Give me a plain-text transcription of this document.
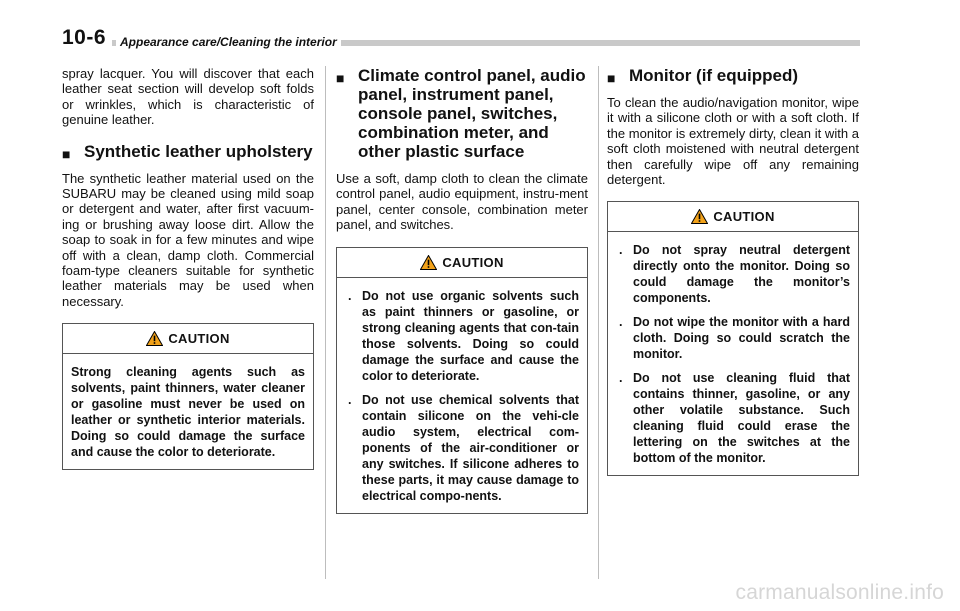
10-6	Appearance care/Cleaning the interior

spray lacquer. You will discover that each leather seat section will develop soft folds or wrinkles, which is characteristic of genuine leather.

■ Synthetic leather upholstery

The synthetic leather material used on the SUBARU may be cleaned using mild soap or detergent and water, after first vacuum-ing or brushing away loose dirt. Allow the soap to soak in for a few minutes and wipe off with a clean, damp cloth. Commercial foam-type cleaners suitable for synthetic leather materials may be used when necessary.

CAUTION
Strong cleaning agents such as solvents, paint thinners, water cleaner or gasoline must never be used on leather or synthetic interior materials. Doing so could damage the surface and cause the color to deteriorate.
■ Climate control panel, audio panel, instrument panel, console panel, switches, combination meter, and other plastic surface

Use a soft, damp cloth to clean the climate control panel, audio equipment, instru-ment panel, center console, combination meter panel, and switches.

CAUTION
. Do not use organic solvents such as paint thinners or gasoline, or strong cleaning agents that con-tain those solvents. Doing so could damage the surface and cause the color to deteriorate.
. Do not use chemical solvents that contain silicone on the vehi-cle audio system, electrical com-ponents of the air-conditioner or any switches. If silicone adheres to these parts, it may cause damage to electrical compo-nents.
■ Monitor (if equipped)

To clean the audio/navigation monitor, wipe it with a silicone cloth or with a soft cloth. If the monitor is extremely dirty, clean it with a soft cloth moistened with neutral detergent then carefully wipe off any remaining detergent.

CAUTION
. Do not spray neutral detergent directly onto the monitor. Doing so could damage the monitor’s components.
. Do not wipe the monitor with a hard cloth. Doing so could scratch the monitor.
. Do not use cleaning fluid that contains thinner, gasoline, or any other volatile substance. Such cleaning fluid could erase the lettering on the switches at the bottom of the monitor.
carmanualsonline.info
